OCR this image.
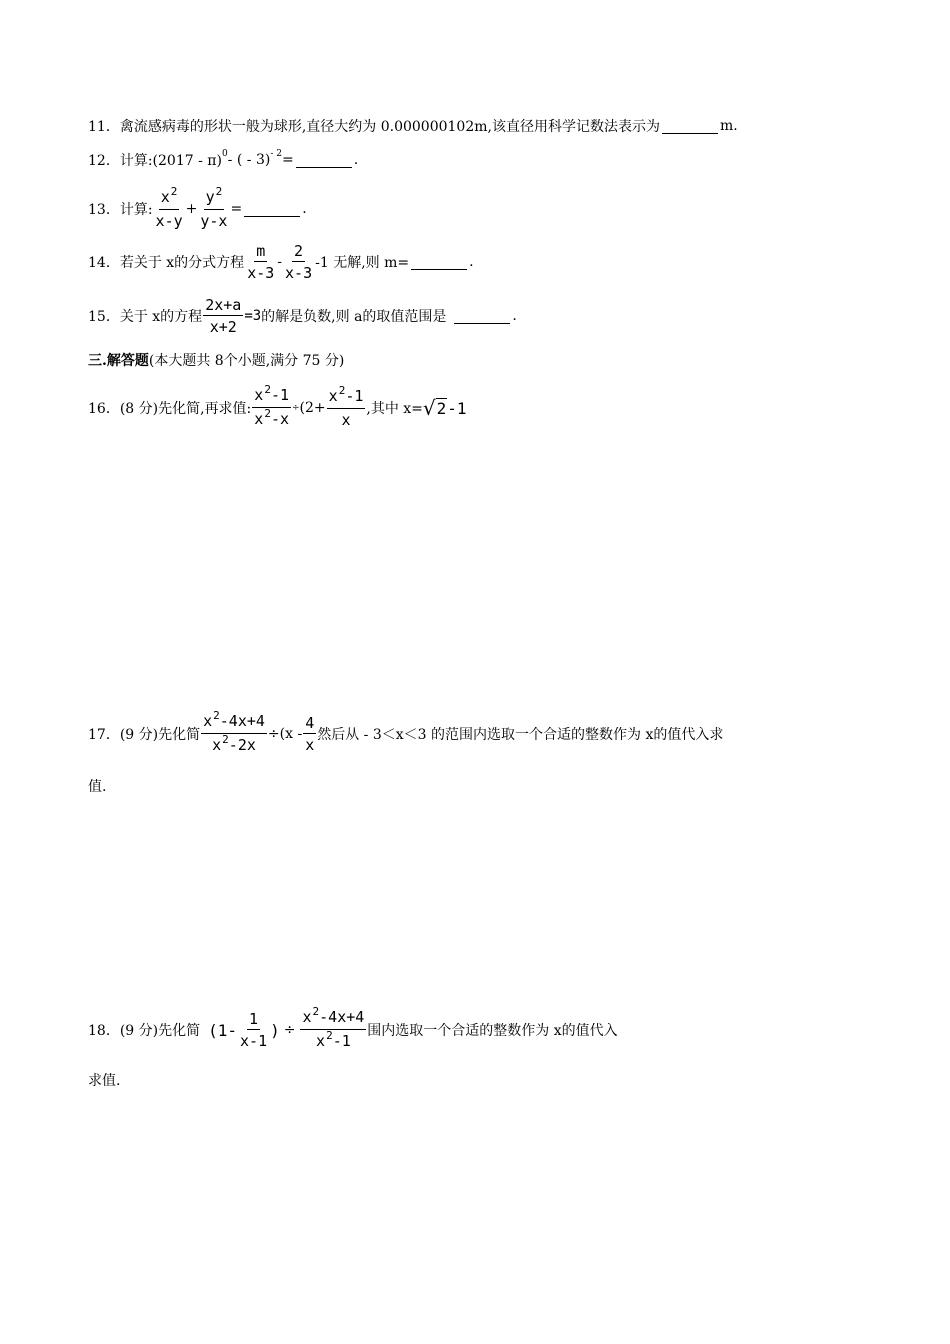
11． 禽流感病毒的形状一般为球形,直径大约为 0.000000102m,该直径用科学记数法表示为	m.
12． 计算:(2017 - π) 0 - ( - 3) - 2 =	.
13． 计算: $\frac{x^2}{x-y} + \frac{y^2}{y-x}$ =	.
14． 若关于 x的分式方程 $\frac{m}{x-3} - \frac{2}{x-3} -1$ 无解,则 m=	.
15． 关于 x的方程 $\frac{2x+a}{x+2} =3$ 的解是负数,则 a的取值范围是	.
三.解答题 (本大题共 8个小题,满分 75 分)
16． (8 分)先化简,再求值: $\frac{x^2-1}{x^2-x} \div (2+ \frac{x^2-1}{x}$ ,其中 x= √ 2 -1
17． (9 分)先化简 $\frac{x^2-4x+4}{x^2-2x} \div (x - \frac{4}{x}$ 然后从 - 3＜x＜3 的范围内选取一个合适的整数作为 x的值代入求
值.
18． (9 分)先化简 ($1- \frac{1}{x-1}$ ) ÷ $\frac{x^2-4x+4}{x^2-1}$ 围内选取一个合适的整数作为 x的值代入
求值.
